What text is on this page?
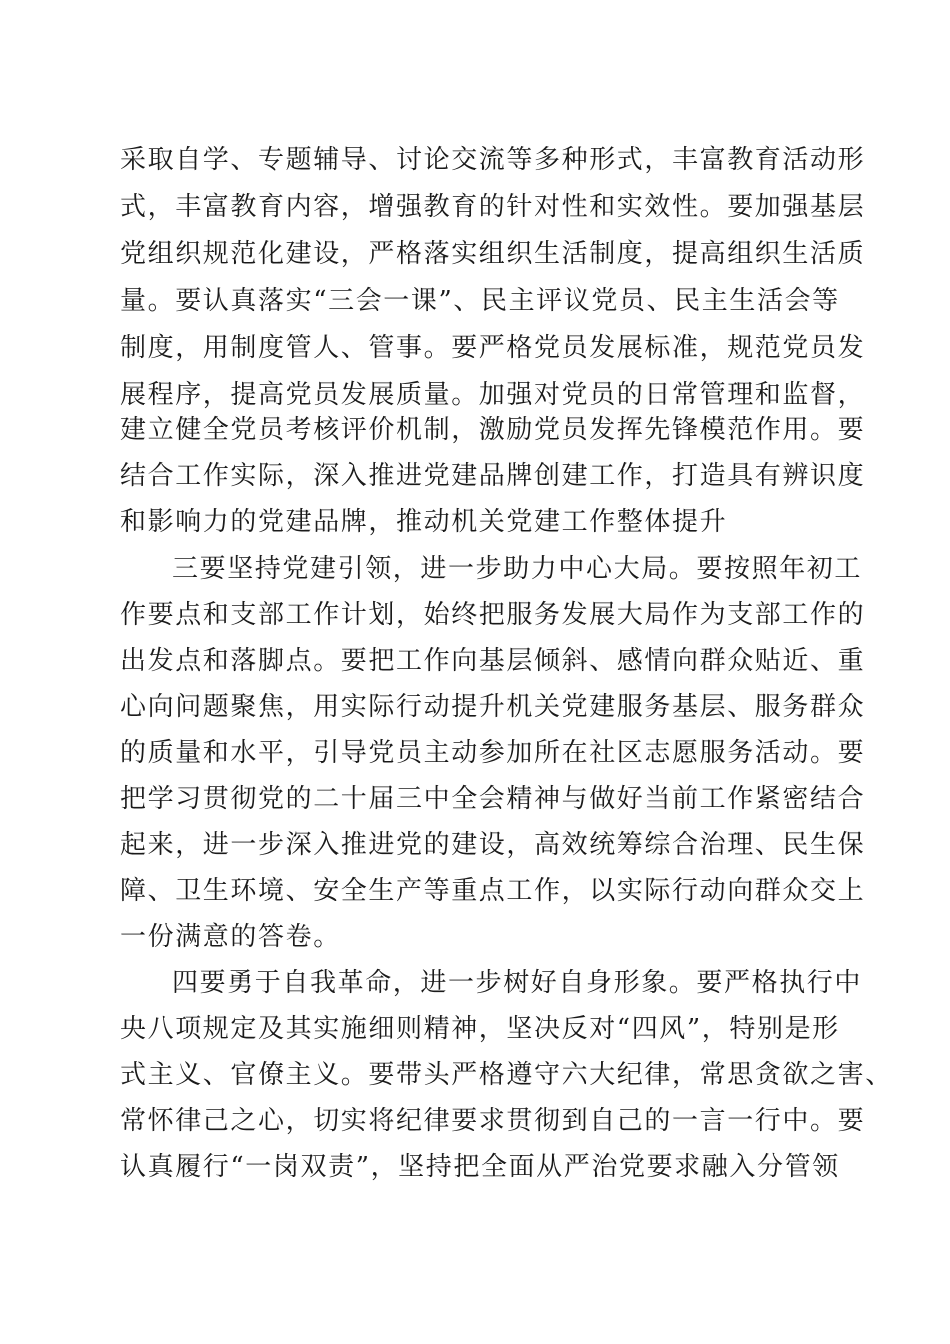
采取自学、专题辅导、讨论交流等多种形式，丰富教育活动形
式，丰富教育内容，增强教育的针对性和实效性。要加强基层
党组织规范化建设，严格落实组织生活制度，提高组织生活质
量。要认真落实“三会一课”、民主评议党员、民主生活会等
制度，用制度管人、管事。要严格党员发展标准，规范党员发
展程序，提高党员发展质量。加强对党员的日常管理和监督，
建立健全党员考核评价机制，激励党员发挥先锋模范作用。要
结合工作实际，深入推进党建品牌创建工作，打造具有辨识度
和影响力的党建品牌，推动机关党建工作整体提升
三要坚持党建引领，进一步助力中心大局。要按照年初工
作要点和支部工作计划，始终把服务发展大局作为支部工作的
出发点和落脚点。要把工作向基层倾斜、感情向群众贴近、重
心向问题聚焦，用实际行动提升机关党建服务基层、服务群众
的质量和水平，引导党员主动参加所在社区志愿服务活动。要
把学习贯彻党的二十届三中全会精神与做好当前工作紧密结合
起来，进一步深入推进党的建设，高效统筹综合治理、民生保
障、卫生环境、安全生产等重点工作，以实际行动向群众交上
一份满意的答卷。
四要勇于自我革命，进一步树好自身形象。要严格执行中
央八项规定及其实施细则精神，坚决反对“四风”，特别是形
式主义、官僚主义。要带头严格遵守六大纪律，常思贪欲之害、
常怀律己之心，切实将纪律要求贯彻到自己的一言一行中。要
认真履行“一岗双责”，坚持把全面从严治党要求融入分管领
